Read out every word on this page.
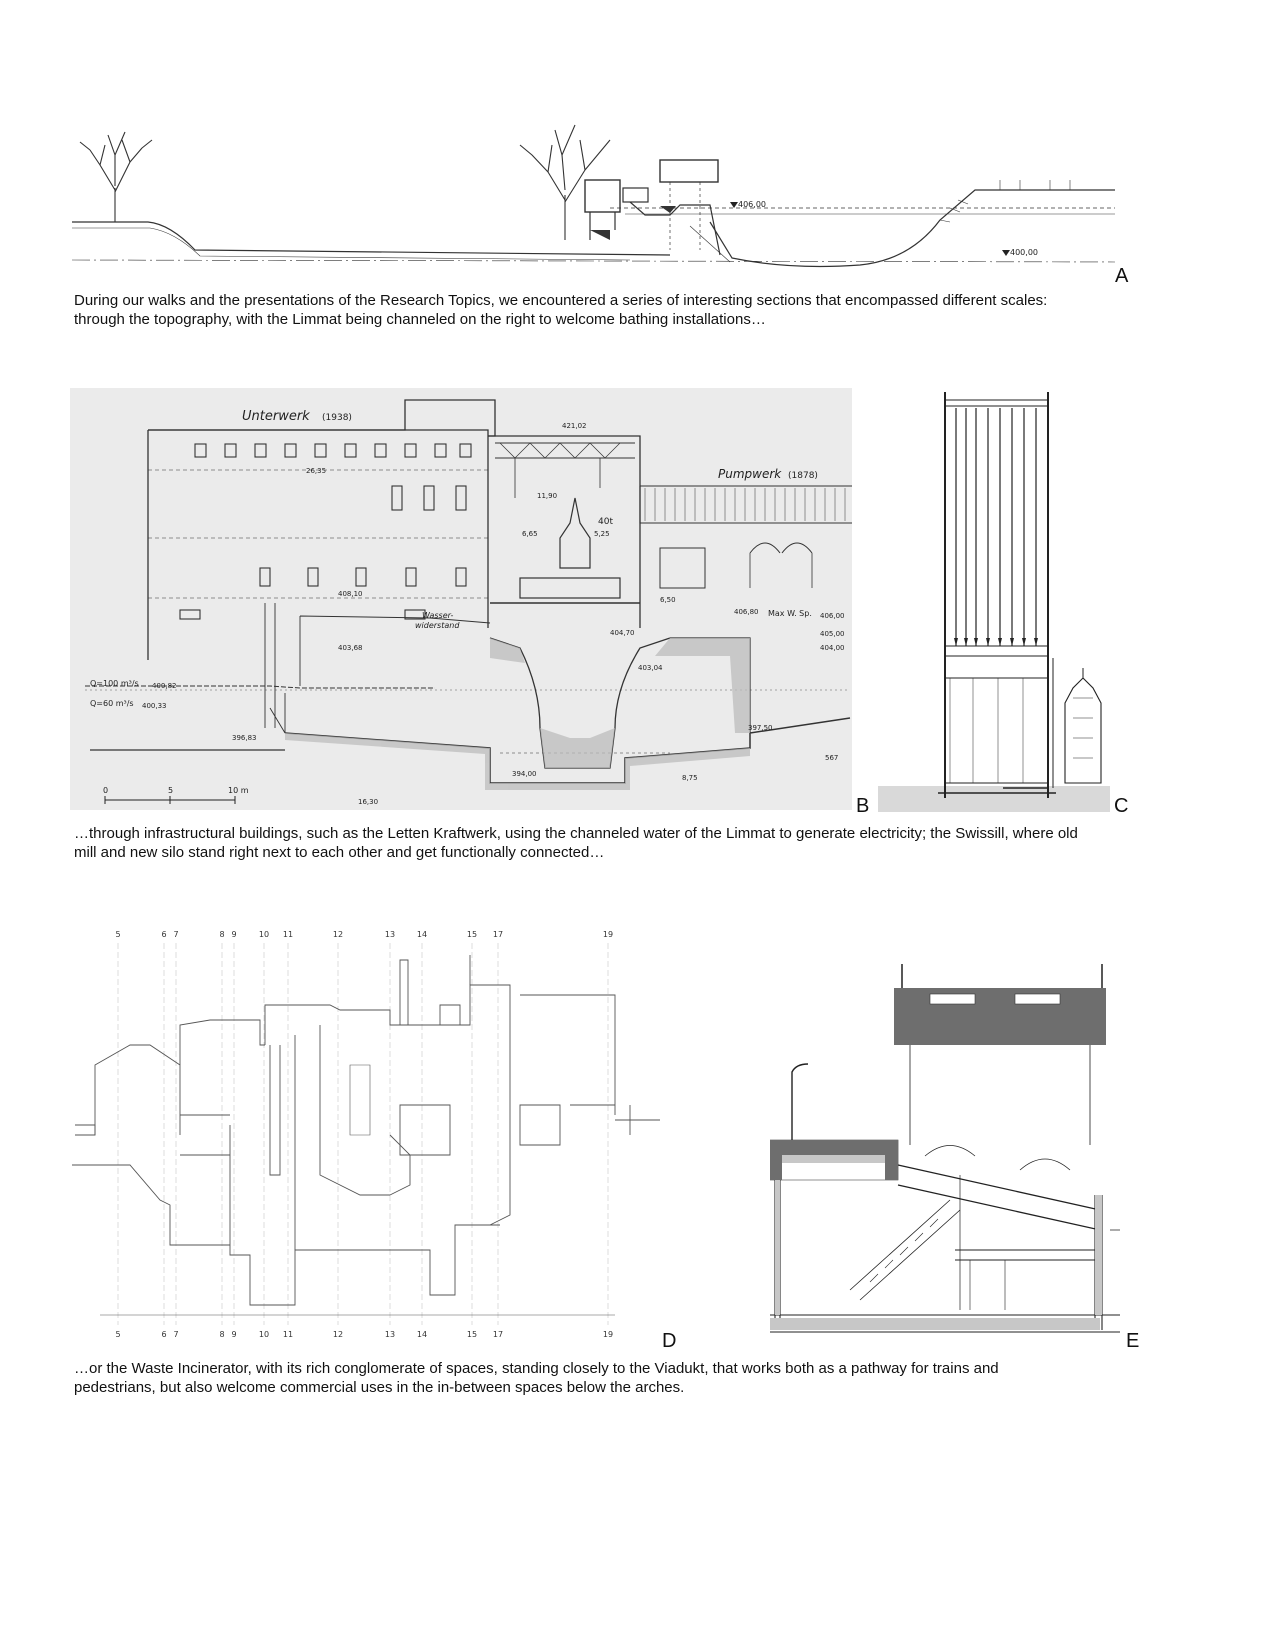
406,00
400,00
A

During our walks and the presentations of the Research Topics, we encountered a series of interesting sections that encompassed different scales:

through the topography, with the Limmat being channeled on the right to welcome bathing installations…

Unterwerk (1938)
Pumpwerk (1878)
40t
Wasser-
widerstand
Max W. Sp.
Q=100 m³/s
Q=60 m³/s
0	5	10 m
567
421,02
408,10
403,68
404,70
403,04
406,80	406,00
405,00
404,00
400,82
400,33
396,83
394,00
397,50
26,35
11,90
6,65	5,25
6,50
16,30
8,75
B	C

…through infrastructural buildings, such as the Letten Kraftwerk, using the channeled water of the Limmat to generate electricity; the Swissill, where old

mill and new silo stand right next to each other and get functionally connected…

5	6 7	8 9	10 11	12	13	14	15 17	19
5	6 7	8 9	10 11	12	13	14	15 17	19 D	E

…or the Waste Incinerator, with its rich conglomerate of spaces, standing closely to the Viadukt, that works both as a pathway for trains and

pedestrians, but also welcome commercial uses in the in-between spaces below the arches.
